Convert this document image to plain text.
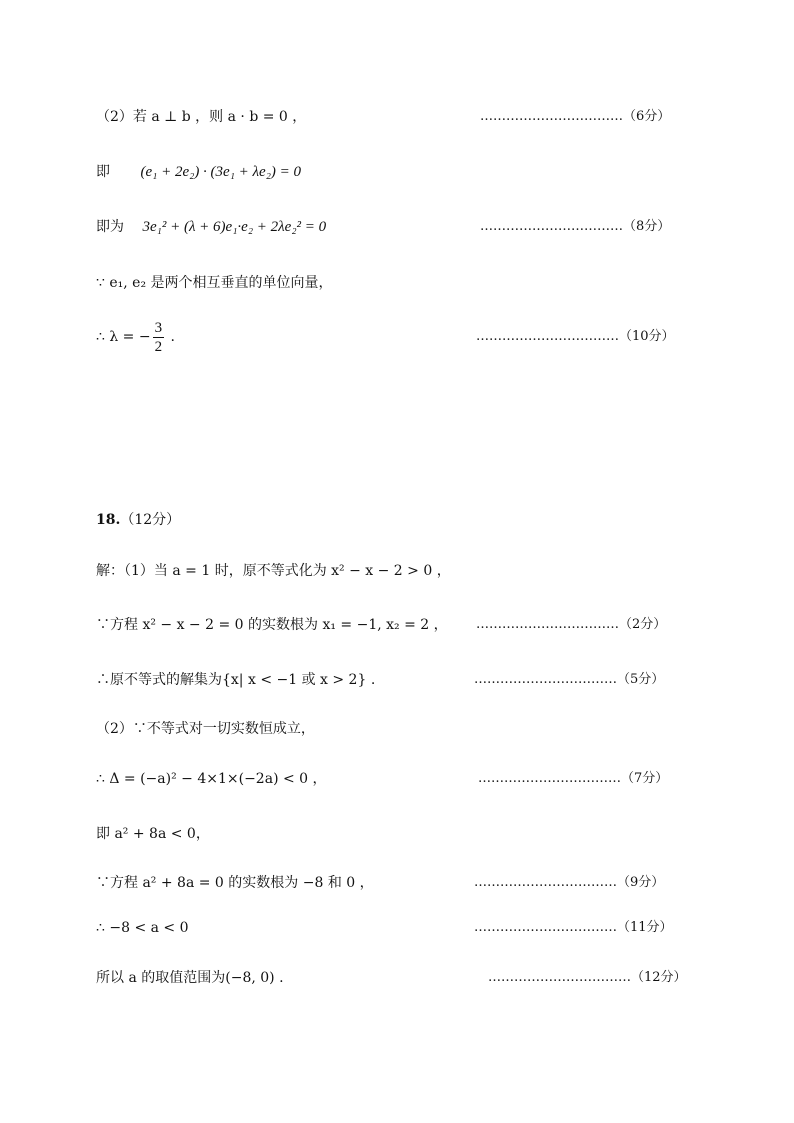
（2）若 a ⊥ b ，则 a · b = 0 ，	……………………………（6分）
即 (e₁ + 2e₂) · (3e₁ + λe₂) = 0
即为 3e₁² + (λ + 6)e₁·e₂ + 2λe₂² = 0	……………………………（8分）
∵ e₁, e₂ 是两个相互垂直的单位向量，
∴ λ = − $\frac{3}{2}$ .	……………………………（10分）
18.（12分）
解：（1）当 a = 1 时，原不等式化为 x² − x − 2 > 0 ，
∵方程 x² − x − 2 = 0 的实数根为 x₁ = −1, x₂ = 2 ， ……………………………（2分）
∴原不等式的解集为{x| x < −1 或 x > 2} .	……………………………（5分）
（2）∵不等式对一切实数恒成立，
∴ Δ = (−a)² − 4×1×(−2a) < 0 ，	……………………………（7分）
即 a² + 8a < 0，
∵方程 a² + 8a = 0 的实数根为 −8 和 0 ，	……………………………（9分）
∴ −8 < a < 0	……………………………（11分）
所以 a 的取值范围为(−8, 0) .	……………………………（12分）
